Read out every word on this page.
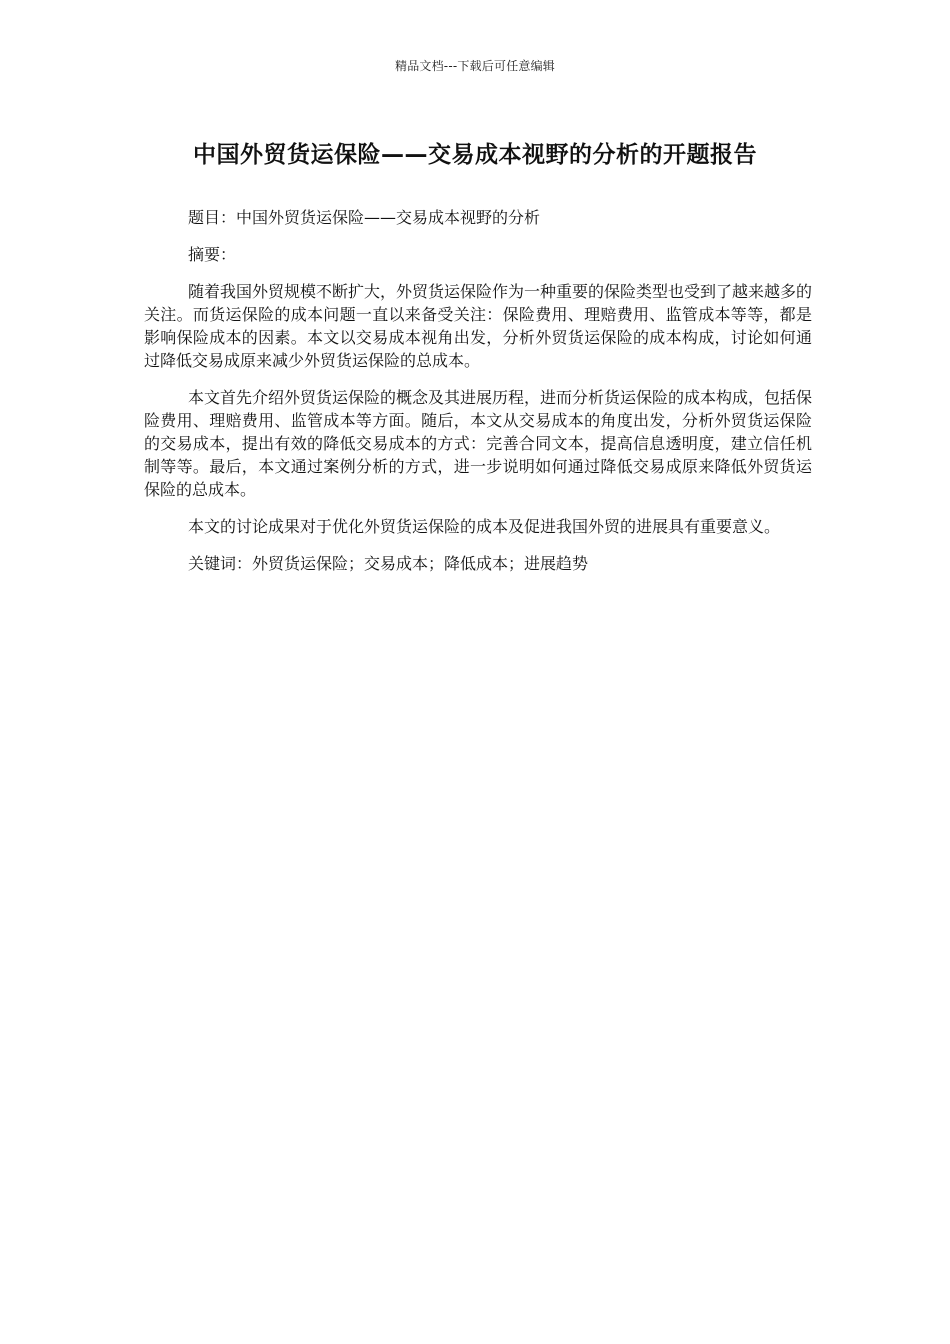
精品文档---下载后可任意编辑
中国外贸货运保险——交易成本视野的分析的开题报告

题目：中国外贸货运保险——交易成本视野的分析

摘要：

随着我国外贸规模不断扩大，外贸货运保险作为一种重要的保险类型也受到了越来越多的关注。而货运保险的成本问题一直以来备受关注：保险费用、理赔费用、监管成本等等，都是影响保险成本的因素。本文以交易成本视角出发，分析外贸货运保险的成本构成，讨论如何通过降低交易成原来减少外贸货运保险的总成本。

本文首先介绍外贸货运保险的概念及其进展历程，进而分析货运保险的成本构成，包括保险费用、理赔费用、监管成本等方面。随后，本文从交易成本的角度出发，分析外贸货运保险的交易成本，提出有效的降低交易成本的方式：完善合同文本，提高信息透明度，建立信任机制等等。最后，本文通过案例分析的方式，进一步说明如何通过降低交易成原来降低外贸货运保险的总成本。

本文的讨论成果对于优化外贸货运保险的成本及促进我国外贸的进展具有重要意义。

关键词：外贸货运保险；交易成本；降低成本；进展趋势
